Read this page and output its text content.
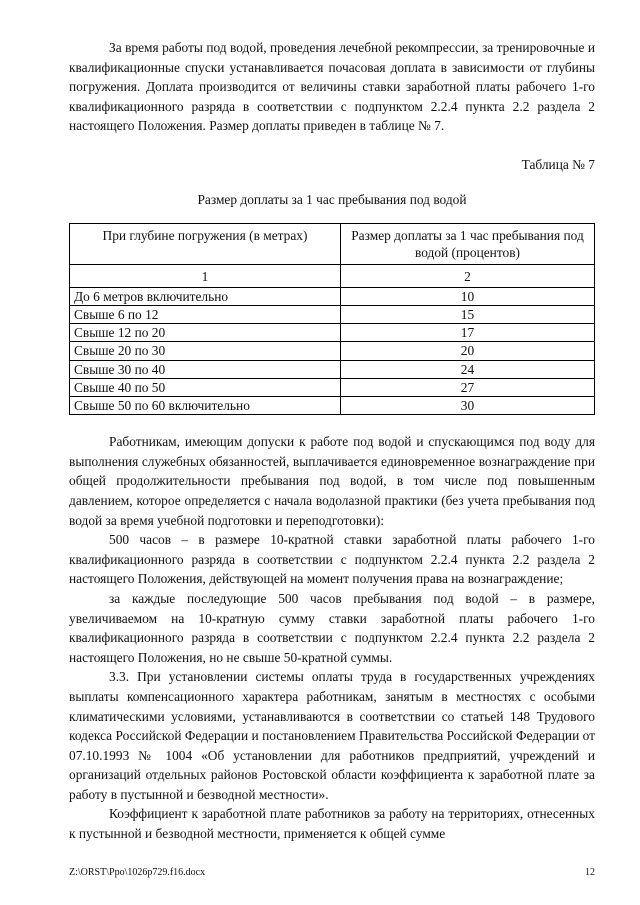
За время работы под водой, проведения лечебной рекомпрессии, за тренировочные и квалификационные спуски устанавливается почасовая доплата в зависимости от глубины погружения. Доплата производится от величины ставки заработной платы рабочего 1-го квалификационного разряда в соответствии с подпунктом 2.2.4 пункта 2.2 раздела 2 настоящего Положения. Размер доплаты приведен в таблице № 7.

Таблица № 7

Размер доплаты за 1 час пребывания под водой

При глубине погружения (в метрах)	Размер доплаты за 1 час пребывания под водой (процентов)
1	2
До 6 метров включительно	10
Свыше 6 по 12	15
Свыше 12 по 20	17
Свыше 20 по 30	20
Свыше 30 по 40	24
Свыше 40 по 50	27
Свыше 50 по 60 включительно	30

Работникам, имеющим допуски к работе под водой и спускающимся под воду для выполнения служебных обязанностей, выплачивается единовременное вознаграждение при общей продолжительности пребывания под водой, в том числе под повышенным давлением, которое определяется с начала водолазной практики (без учета пребывания под водой за время учебной подготовки и переподготовки):

500 часов – в размере 10-кратной ставки заработной платы рабочего 1-го квалификационного разряда в соответствии с подпунктом 2.2.4 пункта 2.2 раздела 2 настоящего Положения, действующей на момент получения права на вознаграждение;

за каждые последующие 500 часов пребывания под водой – в размере, увеличиваемом на 10-кратную сумму ставки заработной платы рабочего 1-го квалификационного разряда в соответствии с подпунктом 2.2.4 пункта 2.2 раздела 2 настоящего Положения, но не свыше 50-кратной суммы.

3.3. При установлении системы оплаты труда в государственных учреждениях выплаты компенсационного характера работникам, занятым в местностях с особыми климатическими условиями, устанавливаются в соответствии со статьей 148 Трудового кодекса Российской Федерации и постановлением Правительства Российской Федерации от 07.10.1993 № 1004 «Об установлении для работников предприятий, учреждений и организаций отдельных районов Ростовской области коэффициента к заработной плате за работу в пустынной и безводной местности».

Коэффициент к заработной плате работников за работу на территориях, отнесенных к пустынной и безводной местности, применяется к общей сумме

Z:\ORST\Ppo\1026p729.f16.docx	12
